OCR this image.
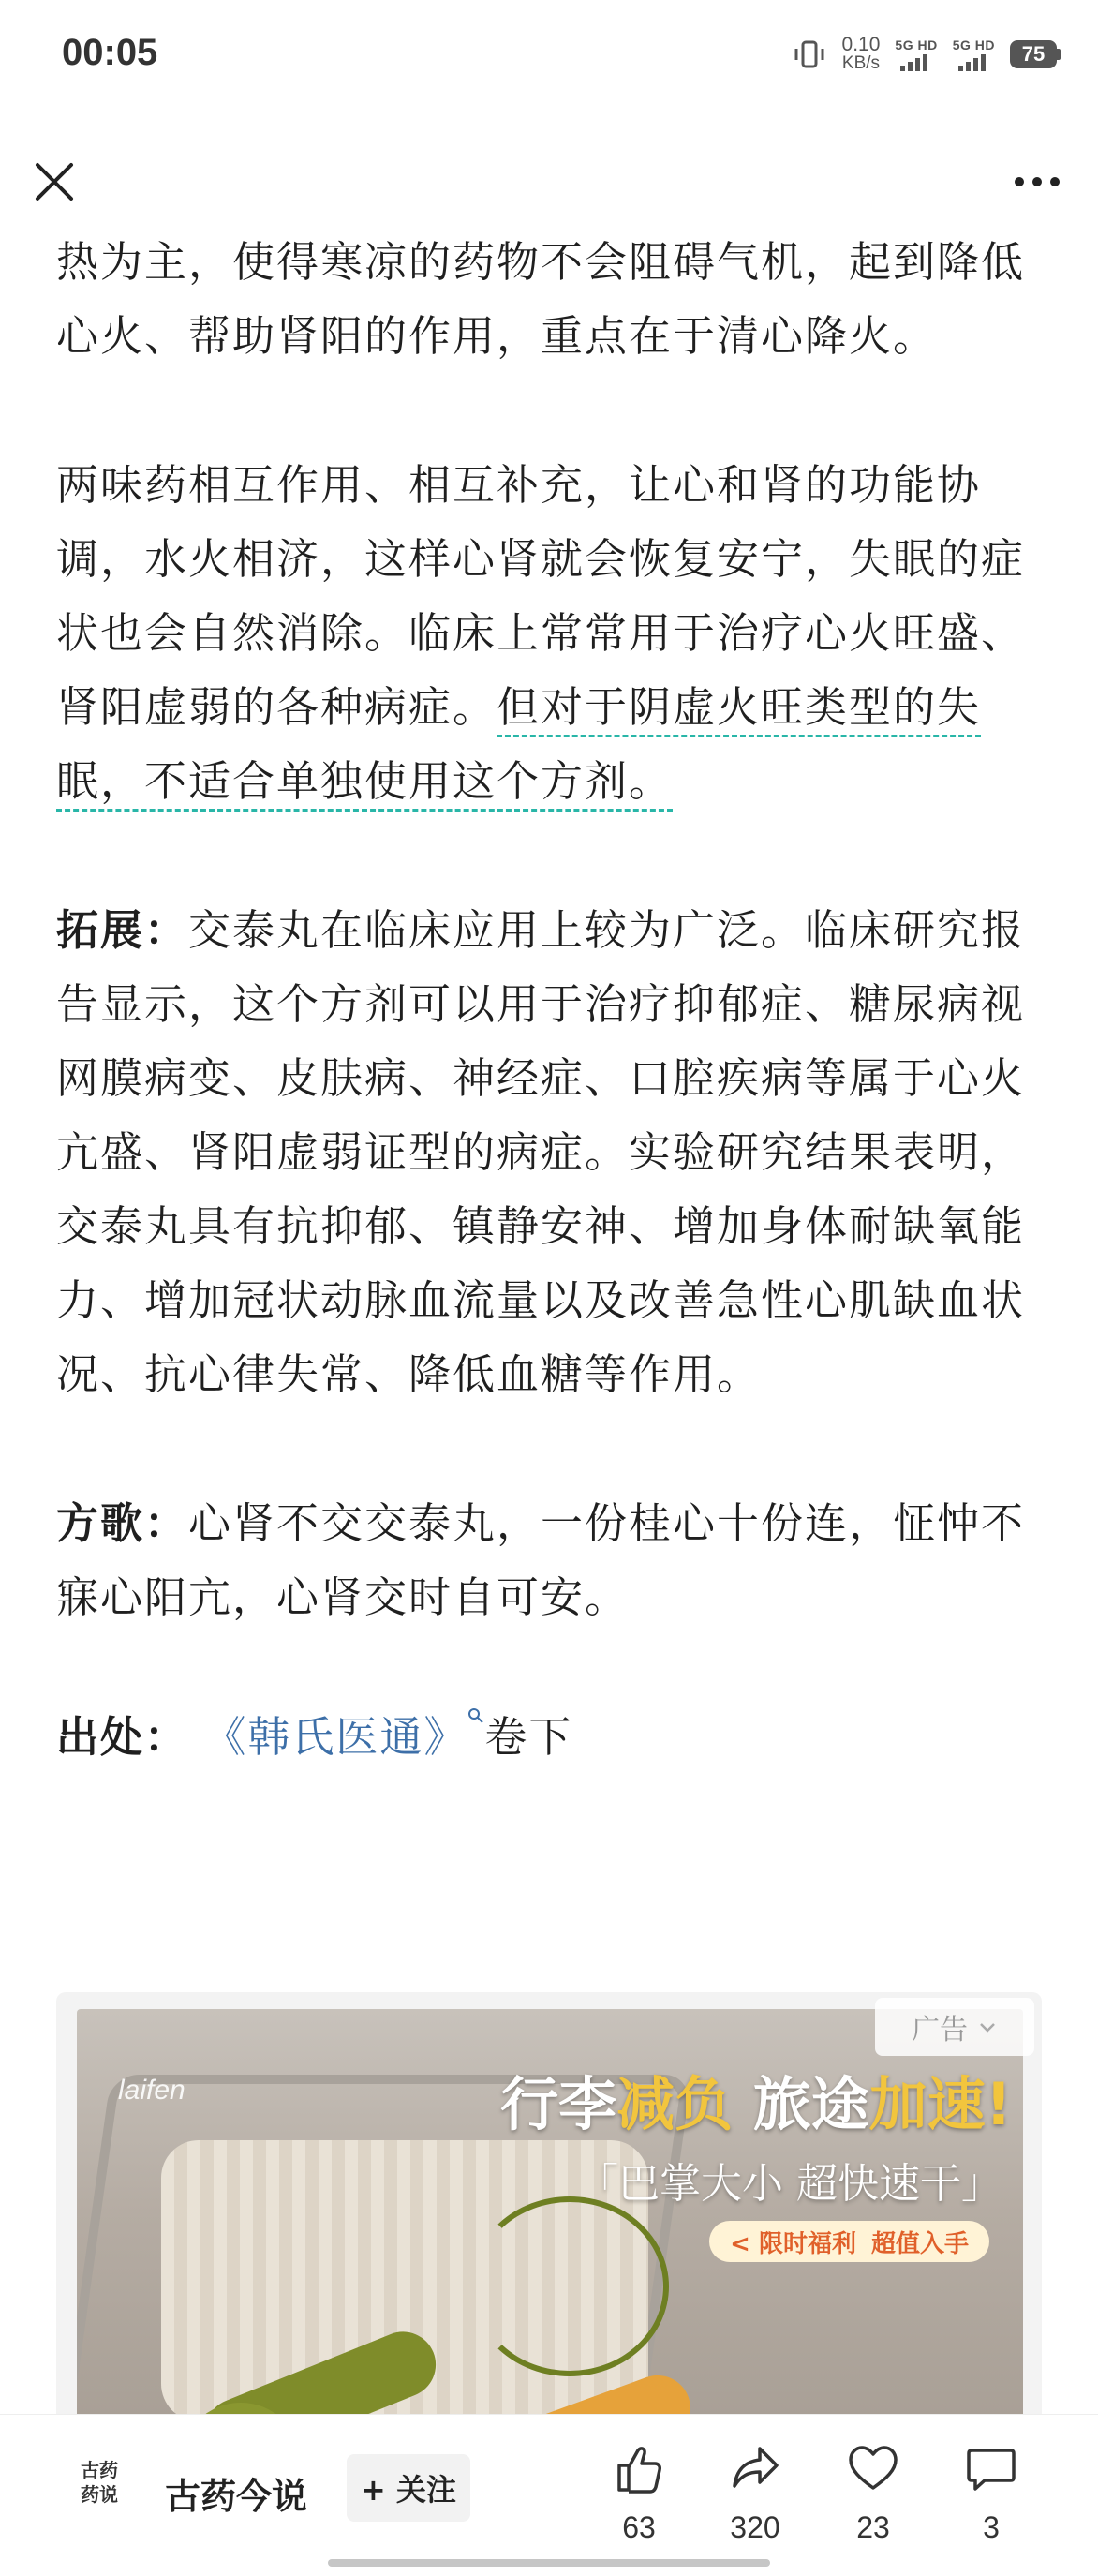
00:05	0.10
KB/s
5G HD 5G HD	75

热为主，使得寒凉的药物不会阻碍气机，起到降低心火、帮助肾阳的作用，重点在于清心降火。

两味药相互作用、相互补充，让心和肾的功能协调，水火相济，这样心肾就会恢复安宁，失眠的症状也会自然消除。临床上常常用于治疗心火旺盛、肾阳虚弱的各种病症。但对于阴虚火旺类型的失眠，不适合单独使用这个方剂。

拓展：交泰丸在临床应用上较为广泛。临床研究报告显示，这个方剂可以用于治疗抑郁症、糖尿病视网膜病变、皮肤病、神经症、口腔疾病等属于心火亢盛、肾阳虚弱证型的病症。实验研究结果表明，交泰丸具有抗抑郁、镇静安神、增加身体耐缺氧能力、增加冠状动脉血流量以及改善急性心肌缺血状况、抗心律失常、降低血糖等作用。

方歌：心肾不交交泰丸，一份桂心十份连，怔忡不寐心阳亢，心肾交时自可安。

出处： 《韩氏医通》 卷下

laifen	行李减负 旅途加速!
「巴掌大小 超快速干」
< 限时福利 超值入手
广告
古药药说 古药今说	+ 关注
63	320	23	3
